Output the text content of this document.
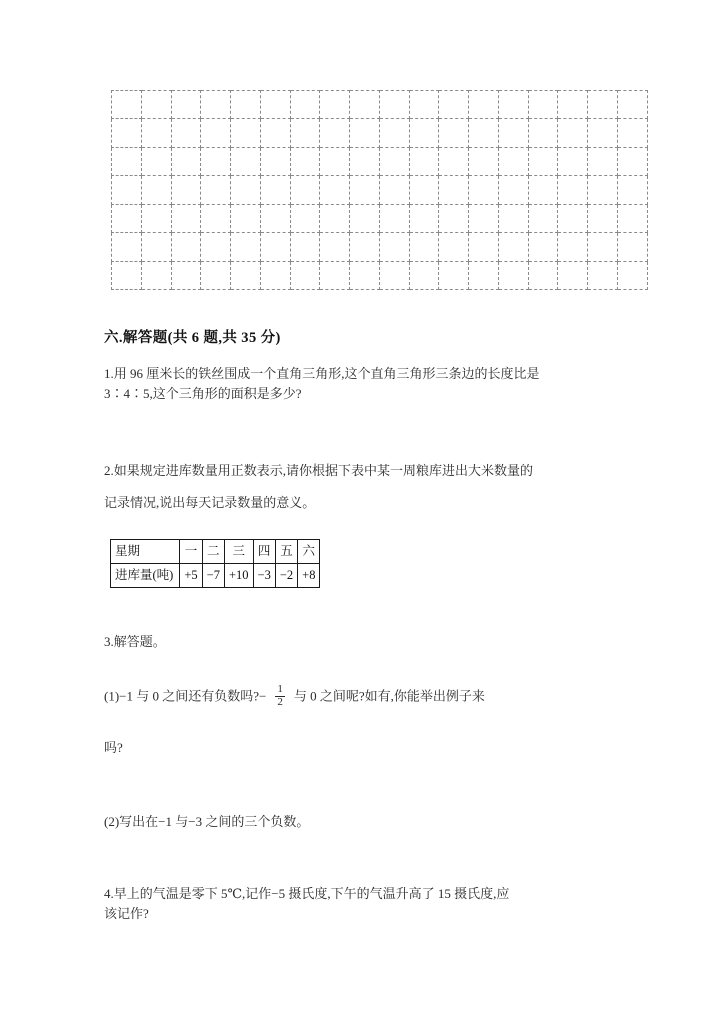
六.解答题(共 6 题,共 35 分)
1.用 96 厘米长的铁丝围成一个直角三角形,这个直角三角形三条边的长度比是
3∶4∶5,这个三角形的面积是多少?
2.如果规定进库数量用正数表示,请你根据下表中某一周粮库进出大米数量的
记录情况,说出每天记录数量的意义。
星期	一	二	三	四	五	六
进库量(吨)	+5	−7	+10	−3	−2	+8
3.解答题。
(1)−1 与 0 之间还有负数吗?− $\frac{1}{2}$ 与 0 之间呢?如有,你能举出例子来
吗?
(2)写出在−1 与−3 之间的三个负数。
4.早上的气温是零下 5℃,记作−5 摄氏度,下午的气温升高了 15 摄氏度,应
该记作?
